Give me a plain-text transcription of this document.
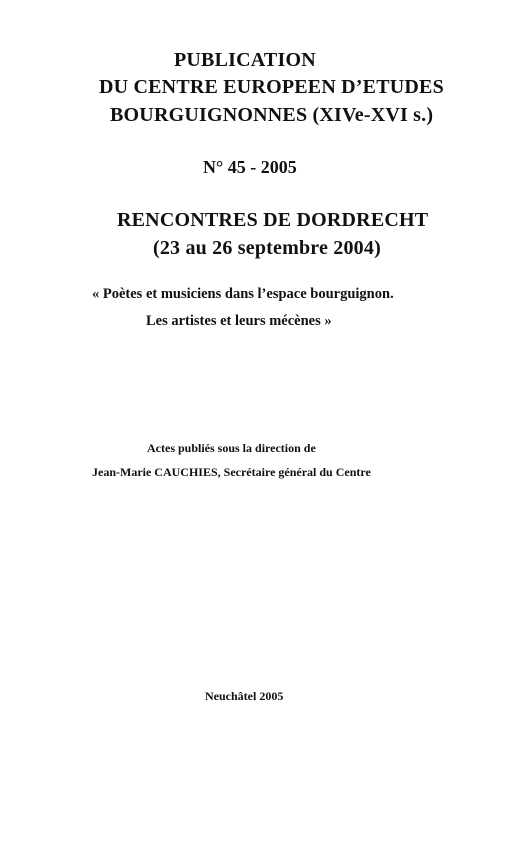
PUBLICATION
DU CENTRE EUROPEEN D’ETUDES
BOURGUIGNONNES (XIVe-XVI s.)
N° 45 - 2005
RENCONTRES DE DORDRECHT
(23 au 26 septembre 2004)
« Poètes et musiciens dans l’espace bourguignon.
Les artistes et leurs mécènes »
Actes publiés sous la direction de
Jean-Marie CAUCHIES, Secrétaire général du Centre
Neuchâtel 2005
